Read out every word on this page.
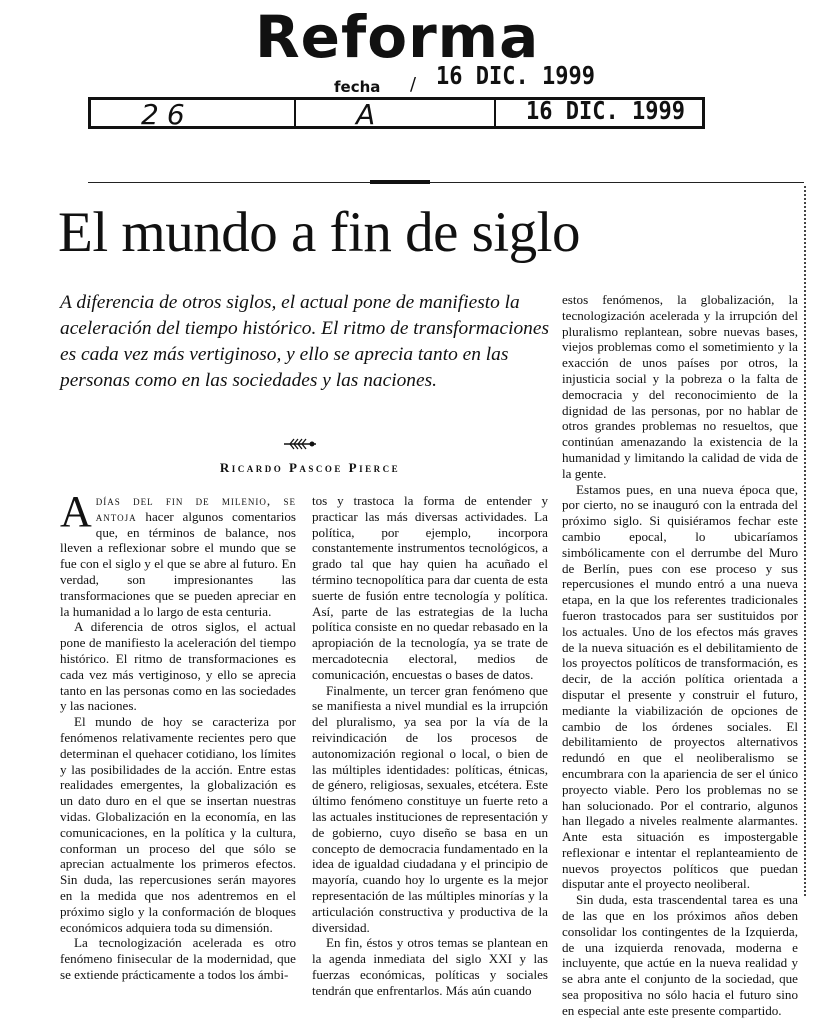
Reforma
fecha / 16 DIC. 1999
26	A	16 DIC. 1999
El mundo a fin de siglo
A diferencia de otros siglos, el actual pone de manifiesto la aceleración del tiempo histórico. El ritmo de transformaciones es cada vez más vertiginoso, y ello se aprecia tanto en las personas como en las sociedades y las naciones.
Ricardo Pascoe Pierce

Adías del fin de milenio, se antoja hacer algunos comentarios que, en términos de balance, nos lleven a reflexionar sobre el mundo que se fue con el siglo y el que se abre al futuro. En verdad, son impresionantes las transformaciones que se pueden apreciar en la humanidad a lo largo de esta centuria.

A diferencia de otros siglos, el actual pone de manifiesto la aceleración del tiempo histórico. El ritmo de transformaciones es cada vez más vertiginoso, y ello se aprecia tanto en las personas como en las sociedades y las naciones.

El mundo de hoy se caracteriza por fenómenos relativamente recientes pero que determinan el quehacer cotidiano, los límites y las posibilidades de la acción. Entre estas realidades emergentes, la globalización es un dato duro en el que se insertan nuestras vidas. Globalización en la economía, en las comunicaciones, en la política y la cultura, conforman un proceso del que sólo se aprecian actualmente los primeros efectos. Sin duda, las repercusiones serán mayores en la medida que nos adentremos en el próximo siglo y la conformación de bloques económicos adquiera toda su dimensión.

La tecnologización acelerada es otro fenómeno finisecular de la modernidad, que se extiende prácticamente a todos los ámbi-

tos y trastoca la forma de entender y practicar las más diversas actividades. La política, por ejemplo, incorpora constantemente instrumentos tecnológicos, a grado tal que hay quien ha acuñado el término tecnopolítica para dar cuenta de esta suerte de fusión entre tecnología y política. Así, parte de las estrategias de la lucha política consiste en no quedar rebasado en la apropiación de la tecnología, ya se trate de mercadotecnia electoral, medios de comunicación, encuestas o bases de datos.

Finalmente, un tercer gran fenómeno que se manifiesta a nivel mundial es la irrupción del pluralismo, ya sea por la vía de la reivindicación de los procesos de autonomización regional o local, o bien de las múltiples identidades: políticas, étnicas, de género, religiosas, sexuales, etcétera. Este último fenómeno constituye un fuerte reto a las actuales instituciones de representación y de gobierno, cuyo diseño se basa en un concepto de democracia fundamentado en la idea de igualdad ciudadana y el principio de mayoría, cuando hoy lo urgente es la mejor representación de las múltiples minorías y la articulación constructiva y productiva de la diversidad.

En fin, éstos y otros temas se plantean en la agenda inmediata del siglo XXI y las fuerzas económicas, políticas y sociales tendrán que enfrentarlos. Más aún cuando

estos fenómenos, la globalización, la tecnologización acelerada y la irrupción del pluralismo replantean, sobre nuevas bases, viejos problemas como el sometimiento y la exacción de unos países por otros, la injusticia social y la pobreza o la falta de democracia y del reconocimiento de la dignidad de las personas, por no hablar de otros grandes problemas no resueltos, que continúan amenazando la existencia de la humanidad y limitando la calidad de vida de la gente.

Estamos pues, en una nueva época que, por cierto, no se inauguró con la entrada del próximo siglo. Si quisiéramos fechar este cambio epocal, lo ubicaríamos simbólicamente con el derrumbe del Muro de Berlín, pues con ese proceso y sus repercusiones el mundo entró a una nueva etapa, en la que los referentes tradicionales fueron trastocados para ser sustituidos por los actuales. Uno de los efectos más graves de la nueva situación es el debilitamiento de los proyectos políticos de transformación, es decir, de la acción política orientada a disputar el presente y construir el futuro, mediante la viabilización de opciones de cambio de los órdenes sociales. El debilitamiento de proyectos alternativos redundó en que el neoliberalismo se encumbrara con la apariencia de ser el único proyecto viable. Pero los problemas no se han solucionado. Por el contrario, algunos han llegado a niveles realmente alarmantes. Ante esta situación es impostergable reflexionar e intentar el replanteamiento de nuevos proyectos políticos que puedan disputar ante el proyecto neoliberal.

Sin duda, esta trascendental tarea es una de las que en los próximos años deben consolidar los contingentes de la Izquierda, de una izquierda renovada, moderna e incluyente, que actúe en la nueva realidad y se abra ante el conjunto de la sociedad, que sea propositiva no sólo hacia el futuro sino en especial ante este presente compartido.
